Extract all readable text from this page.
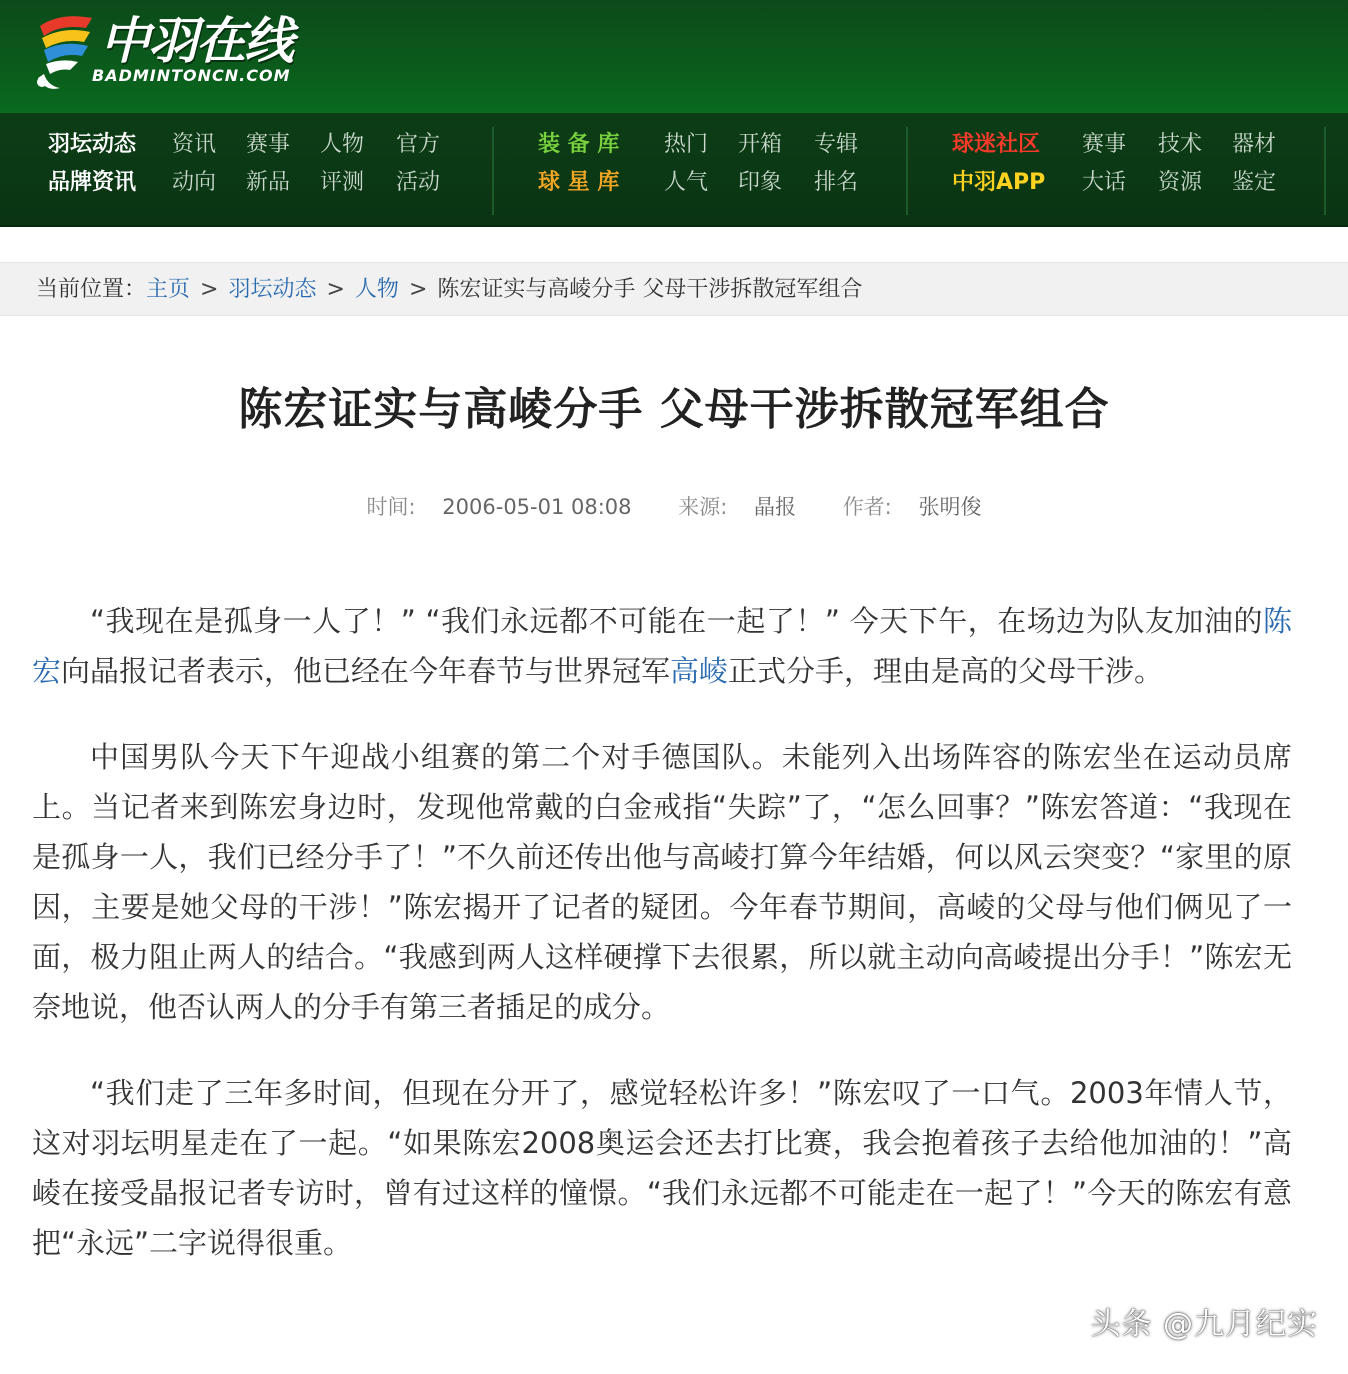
中羽在线
BADMINTONCN.COM
羽坛动态 资讯 赛事 人物 官方
品牌资讯 动向 新品 评测 活动
装 备 库 热门 开箱 专辑
球 星 库 人气 印象 排名
球迷社区 赛事 技术 器材
中羽APP 大话 资源 鉴定
当前位置：主页 > 羽坛动态 > 人物 > 陈宏证实与高崚分手 父母干涉拆散冠军组合
陈宏证实与高崚分手 父母干涉拆散冠军组合
时间: 2006-05-01 08:08 来源: 晶报 作者: 张明俊

“我现在是孤身一人了！” “我们永远都不可能在一起了！” 今天下午，在场边为队友加油的陈宏向晶报记者表示，他已经在今年春节与世界冠军高崚正式分手，理由是高的父母干涉。

中国男队今天下午迎战小组赛的第二个对手德国队。未能列入出场阵容的陈宏坐在运动员席上。当记者来到陈宏身边时，发现他常戴的白金戒指“失踪”了，“怎么回事？”陈宏答道：“我现在是孤身一人，我们已经分手了！”不久前还传出他与高崚打算今年结婚，何以风云突变？“家里的原因，主要是她父母的干涉！”陈宏揭开了记者的疑团。今年春节期间，高崚的父母与他们俩见了一面，极力阻止两人的结合。“我感到两人这样硬撑下去很累，所以就主动向高崚提出分手！”陈宏无奈地说，他否认两人的分手有第三者插足的成分。

“我们走了三年多时间，但现在分开了，感觉轻松许多！”陈宏叹了一口气。2003年情人节，这对羽坛明星走在了一起。“如果陈宏2008奥运会还去打比赛，我会抱着孩子去给他加油的！”高崚在接受晶报记者专访时，曾有过这样的憧憬。“我们永远都不可能走在一起了！”今天的陈宏有意把“永远”二字说得很重。

头条 @九月纪实
